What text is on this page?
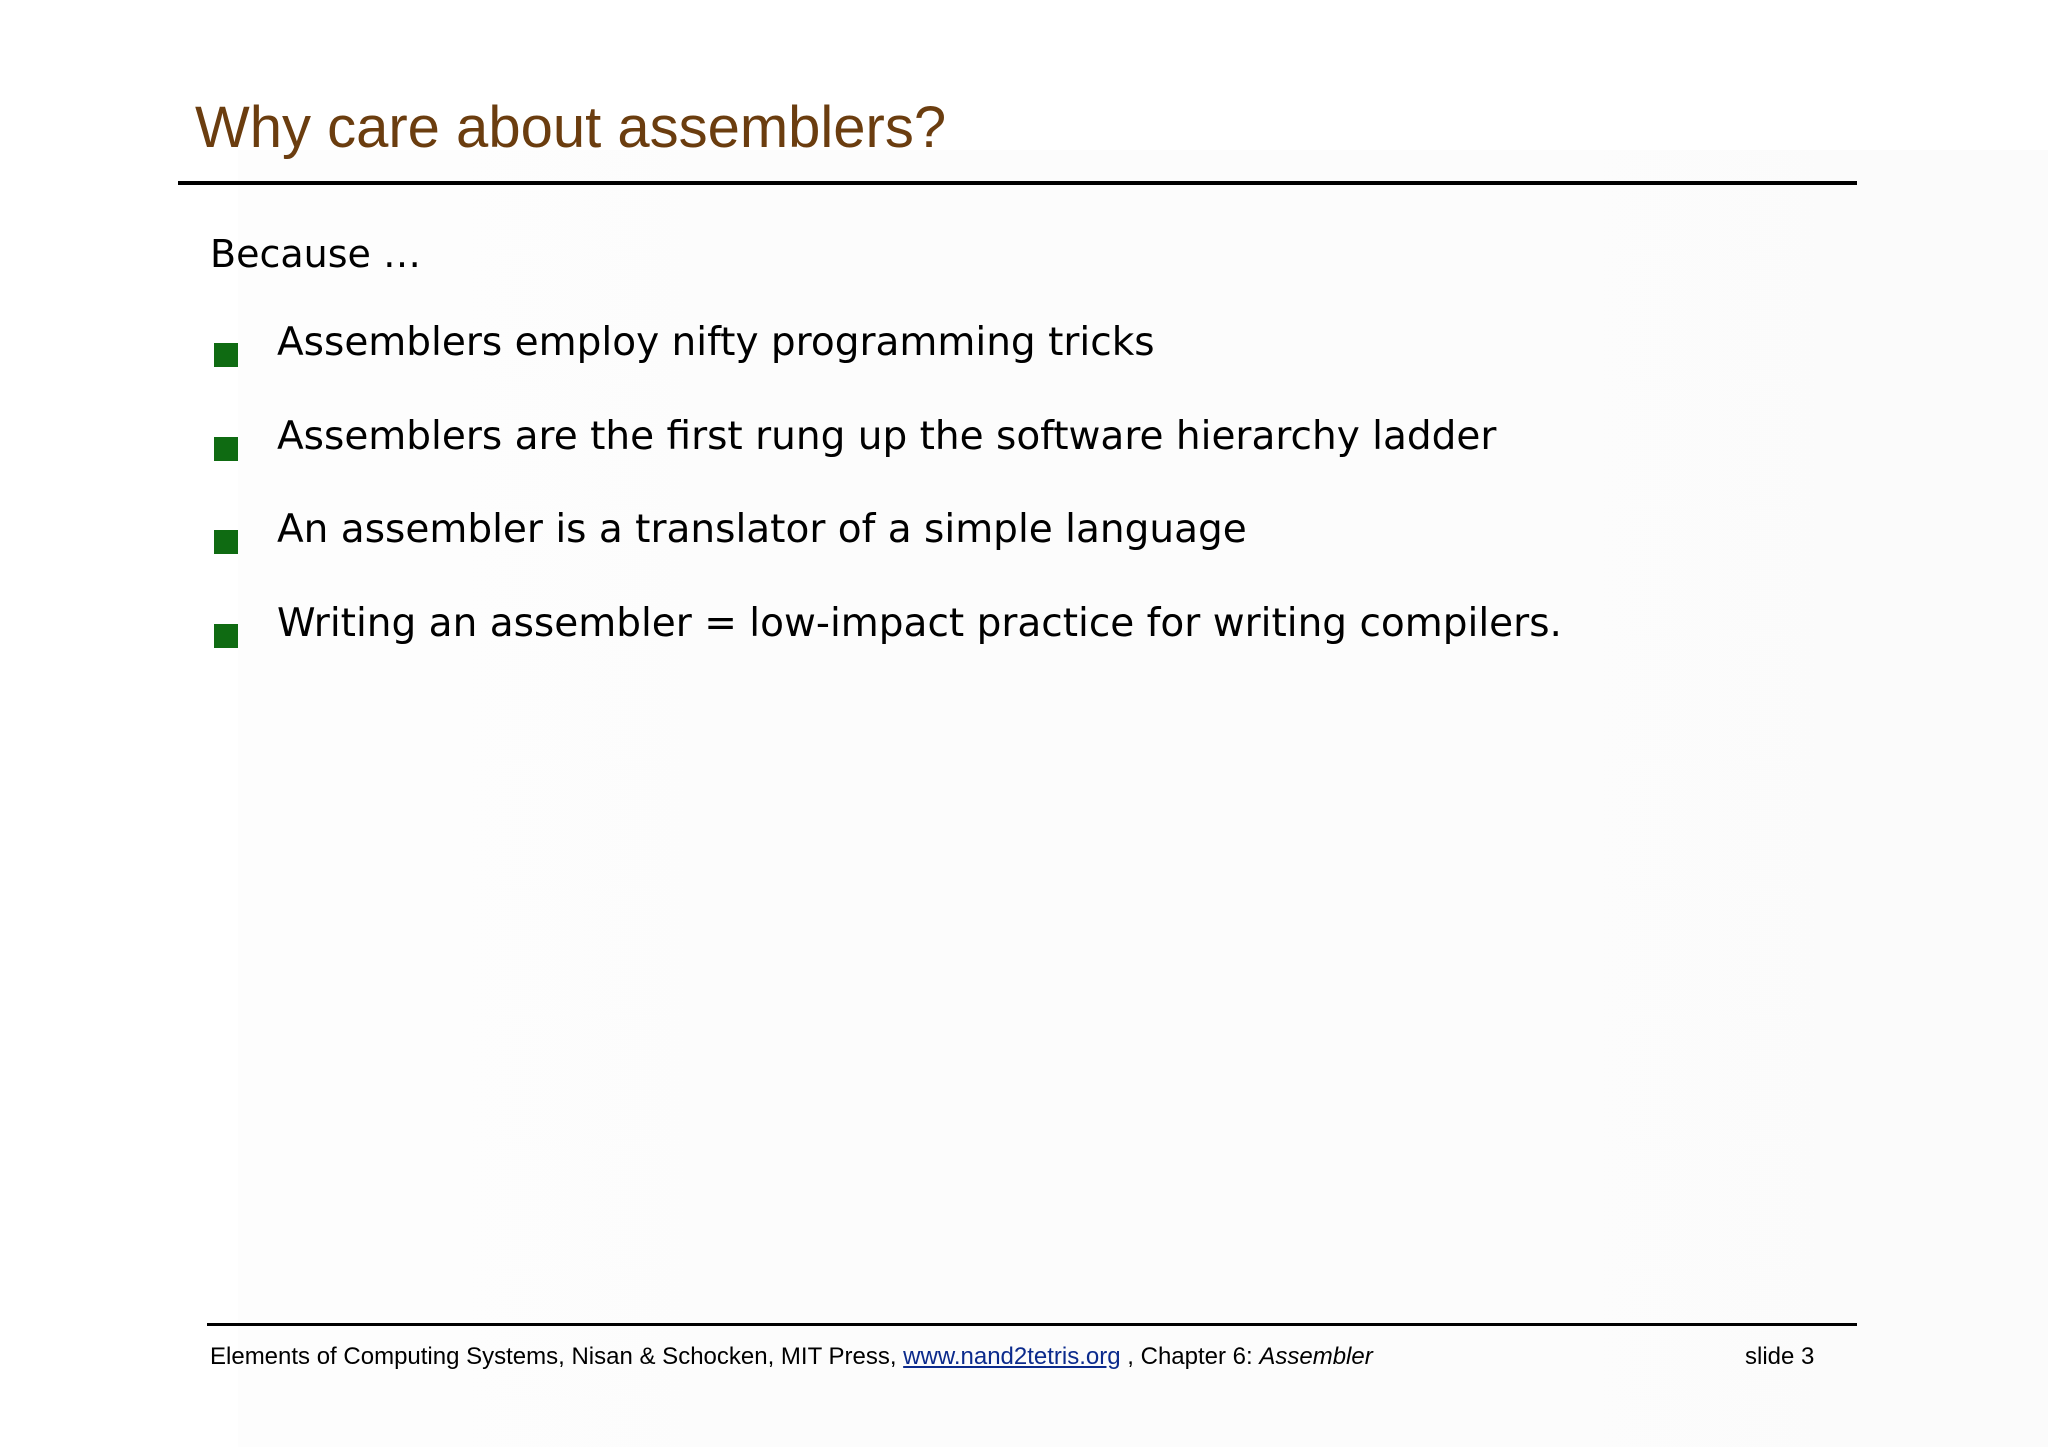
Why care about assemblers?
Because …
Assemblers employ nifty programming tricks
Assemblers are the first rung up the software hierarchy ladder
An assembler is a translator of a simple language
Writing an assembler = low-impact practice for writing compilers.
Elements of Computing Systems, Nisan & Schocken, MIT Press, www.nand2tetris.org , Chapter 6: Assembler	slide 3
